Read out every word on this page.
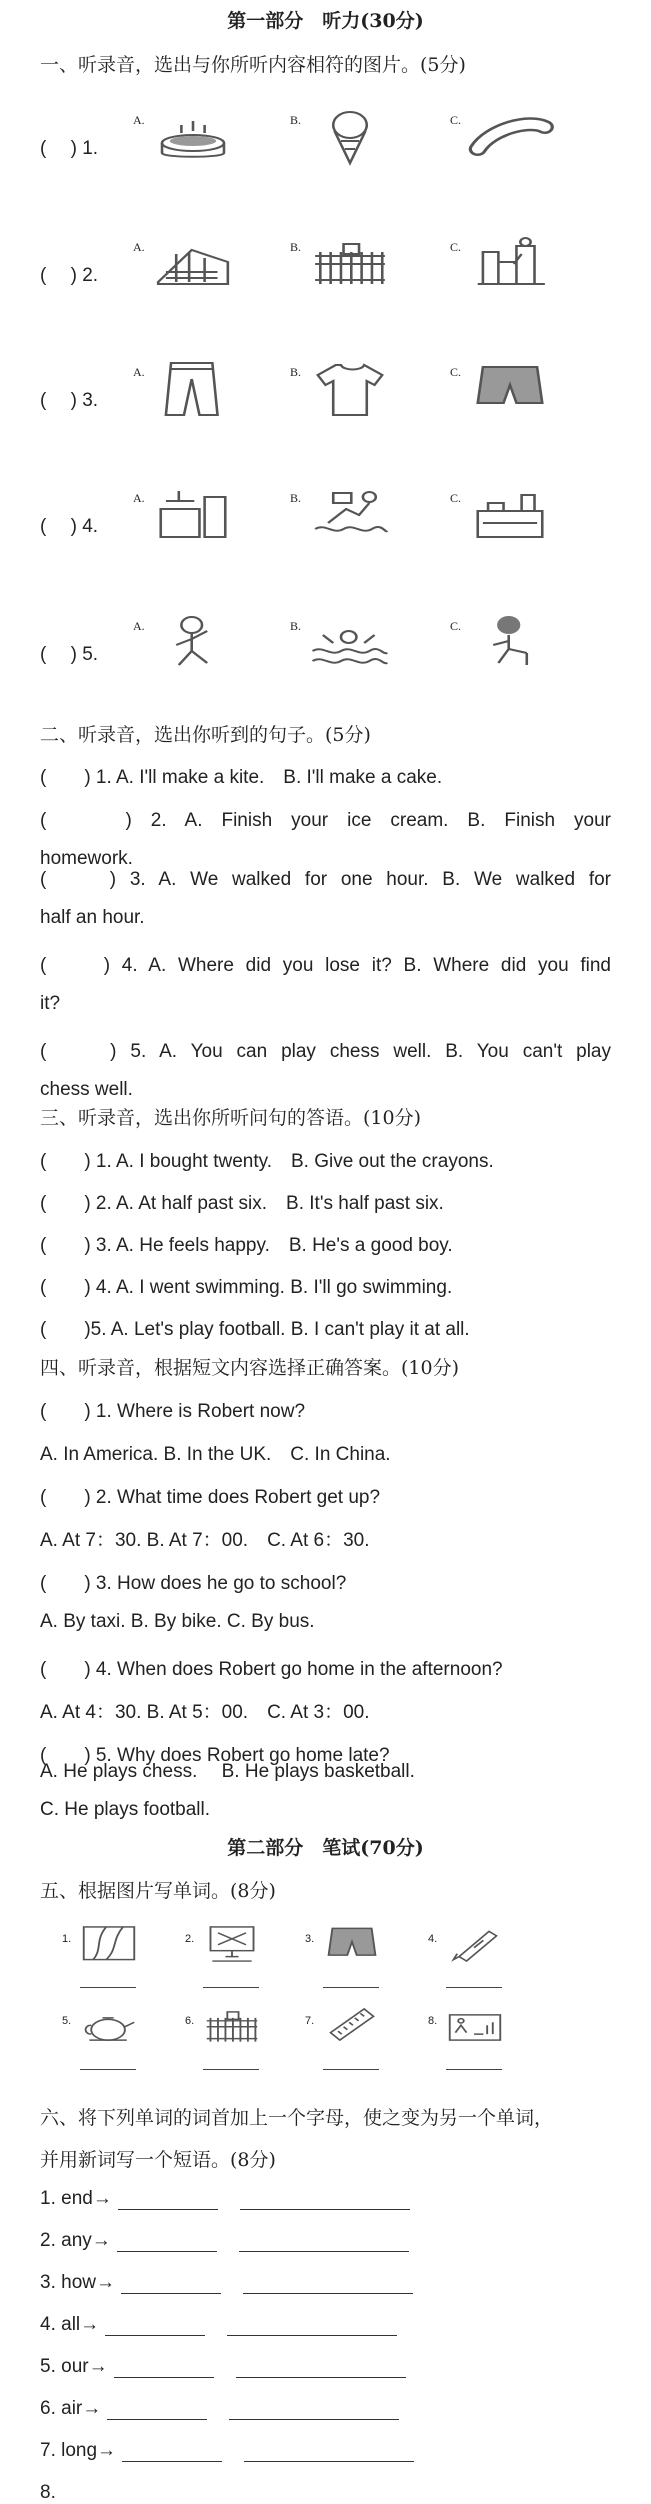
第一部分　听力(30分)
一、听录音，选出与你所听内容相符的图片。(5分)
(　 ) 1.
A.	B.	C.
(　 ) 2.
A.	B.	C.
(　 ) 3.
A.	B.	C.
(　 ) 4.
A.	B.	C.
(　 ) 5.
A.	B.	C.
二、听录音，选出你听到的句子。(5分)
(　　) 1. A. I'll make a kite.　B. I'll make a cake.
(　　) 2. A. Finish your ice cream. B. Finish your
homework.
(　　) 3. A. We walked for one hour. B. We walked for
half an hour.
(　　) 4. A. Where did you lose it? B. Where did you find
it?
(　　) 5. A. You can play chess well. B. You can't play
chess well.
三、听录音，选出你所听问句的答语。(10分)
(　　) 1. A. I bought twenty.　B. Give out the crayons.
(　　) 2. A. At half past six.　B. It's half past six.
(　　) 3. A. He feels happy.　B. He's a good boy.
(　　) 4. A. I went swimming. B. I'll go swimming.
(　　)5. A. Let's play football. B. I can't play it at all.
四、听录音，根据短文内容选择正确答案。(10分)
(　　) 1. Where is Robert now?
A. In America. B. In the UK.　C. In China.
(　　) 2. What time does Robert get up?
A. At 7：30. B. At 7：00.　C. At 6：30.
(　　) 3. How does he go to school?
A. By taxi. B. By bike. C. By bus.
(　　) 4. When does Robert go home in the afternoon?
A. At 4：30. B. At 5：00.　C. At 3：00.
(　　) 5. Why does Robert go home late?
A. He plays chess.　 B. He plays basketball.
C. He plays football.
第二部分　笔试(70分)
五、根据图片写单词。(8分)
1.	2.	3.	4.
5.	6.	7.	8.
六、将下列单词的词首加上一个字母，使之变为另一个单词，
并用新词写一个短语。(8分)
1. end→
2. any→
3. how→
4. all→
5. our→
6. air→
7. long→
8.
